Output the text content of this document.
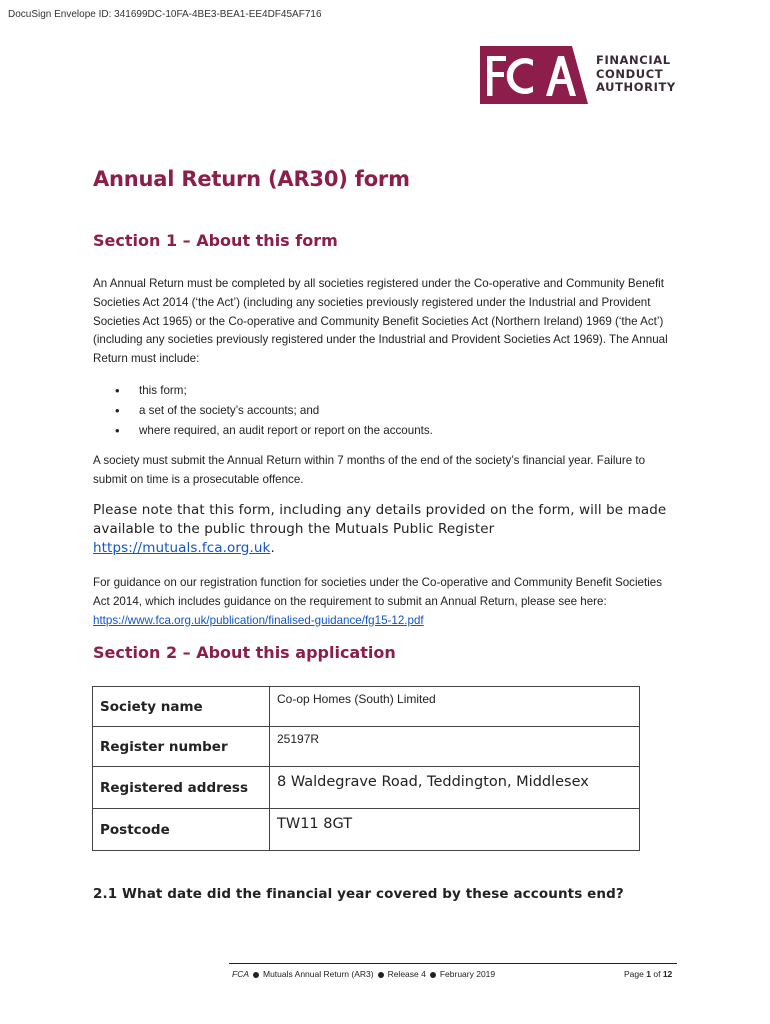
DocuSign Envelope ID: 341699DC-10FA-4BE3-BEA1-EE4DF45AF716
FINANCIAL
CONDUCT
AUTHORITY
Annual Return (AR30) form
Section 1 – About this form

An Annual Return must be completed by all societies registered under the Co-operative and Community Benefit Societies Act 2014 (‘the Act’) (including any societies previously registered under the Industrial and Provident Societies Act 1965) or the Co-operative and Community Benefit Societies Act (Northern Ireland) 1969 (‘the Act’) (including any societies previously registered under the Industrial and Provident Societies Act 1969). The Annual Return must include:

• this form;
• a set of the society’s accounts; and
• where required, an audit report or report on the accounts.

A society must submit the Annual Return within 7 months of the end of the society’s financial year. Failure to submit on time is a prosecutable offence.

Please note that this form, including any details provided on the form, will be made available to the public through the Mutuals Public Register https://mutuals.fca.org.uk.

For guidance on our registration function for societies under the Co-operative and Community Benefit Societies Act 2014, which includes guidance on the requirement to submit an Annual Return, please see here: https://www.fca.org.uk/publication/finalised-guidance/fg15-12.pdf

Section 2 – About this application
Society name	Co-op Homes (South) Limited
Register number	25197R
Registered address	8 Waldegrave Road, Teddington, Middlesex
Postcode	TW11 8GT
2.1 What date did the financial year covered by these accounts end?
FCA Mutuals Annual Return (AR3) Release 4 February 2019	Page 1 of 12
